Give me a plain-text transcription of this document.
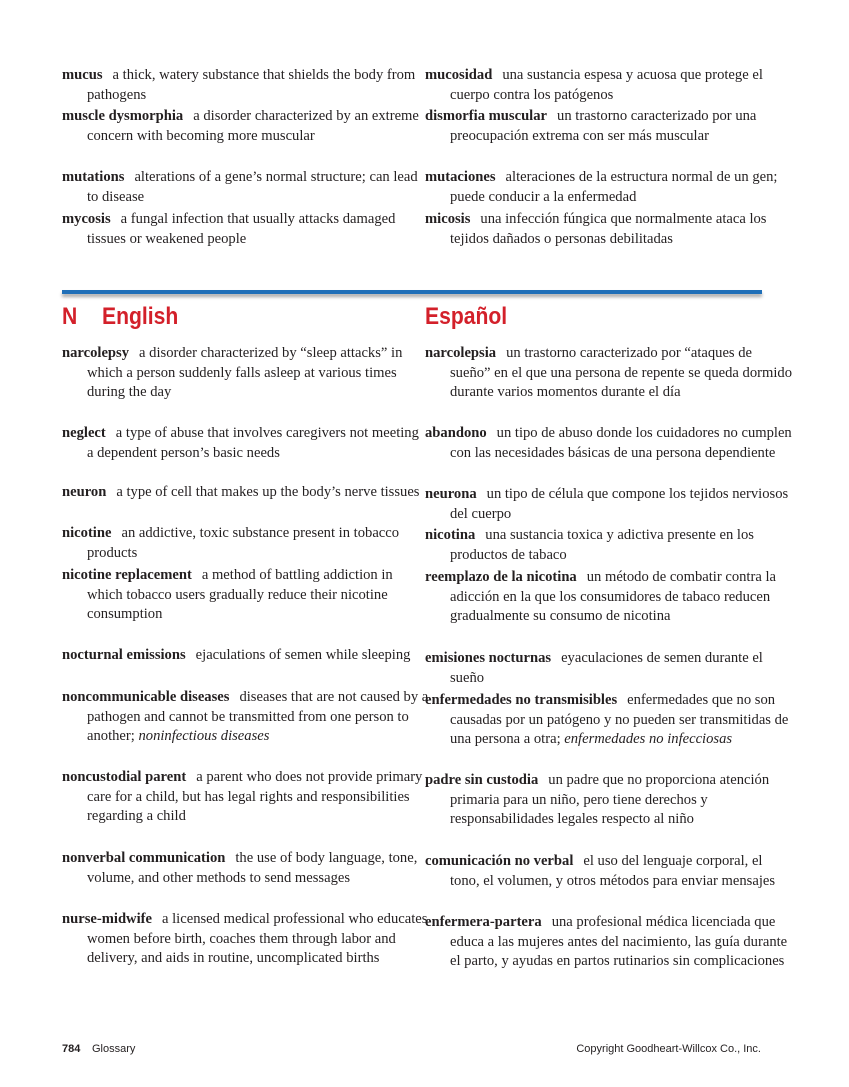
mucus a thick, watery substance that shields the body from pathogens
muscle dysmorphia a disorder characterized by an extreme concern with becoming more muscular
mutations alterations of a gene’s normal structure; can lead to disease
mycosis a fungal infection that usually attacks damaged tissues or weakened people
mucosidad una sustancia espesa y acuosa que protege el cuerpo contra los patógenos
dismorfia muscular un trastorno caracterizado por una preocupación extrema con ser más muscular
mutaciones alteraciones de la estructura normal de un gen; puede conducir a la enfermedad
micosis una infección fúngica que normalmente ataca los tejidos dañados o personas debilitadas
narcolepsy a disorder characterized by “sleep attacks” in which a person suddenly falls asleep at various times during the day
neglect a type of abuse that involves caregivers not meeting a dependent person’s basic needs
neuron a type of cell that makes up the body’s nerve tissues
nicotine an addictive, toxic substance present in tobacco products
nicotine replacement a method of battling addiction in which tobacco users gradually reduce their nicotine consumption
nocturnal emissions ejaculations of semen while sleeping
noncommunicable diseases diseases that are not caused by a pathogen and cannot be transmitted from one person to another; noninfectious diseases
noncustodial parent a parent who does not provide primary care for a child, but has legal rights and responsibilities regarding a child
nonverbal communication the use of body language, tone, volume, and other methods to send messages
nurse-midwife a licensed medical professional who educates women before birth, coaches them through labor and delivery, and aids in routine, uncomplicated births
narcolepsia un trastorno caracterizado por “ataques de sueño” en el que una persona de repente se queda dormido durante varios momentos durante el día
abandono un tipo de abuso donde los cuidadores no cumplen con las necesidades básicas de una persona dependiente
neurona un tipo de célula que compone los tejidos nerviosos del cuerpo
nicotina una sustancia toxica y adictiva presente en los productos de tabaco
reemplazo de la nicotina un método de combatir contra la adicción en la que los consumidores de tabaco reducen gradualmente su consumo de nicotina
emisiones nocturnas eyaculaciones de semen durante el sueño
enfermedades no transmisibles enfermedades que no son causadas por un patógeno y no pueden ser transmitidas de una persona a otra; enfermedades no infecciosas
padre sin custodia un padre que no proporciona atención primaria para un niño, pero tiene derechos y responsabilidades legales respecto al niño
comunicación no verbal el uso del lenguaje corporal, el tono, el volumen, y otros métodos para enviar mensajes
enfermera-partera una profesional médica licenciada que educa a las mujeres antes del nacimiento, las guía durante el parto, y ayudas en partos rutinarios sin complicaciones
N English	Español
784 Glossary	Copyright Goodheart-Willcox Co., Inc.
